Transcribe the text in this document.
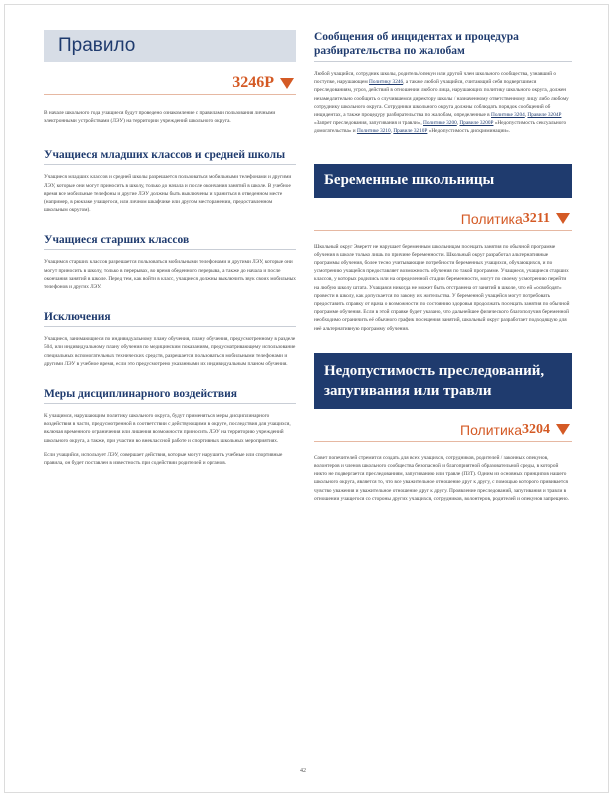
Правило
3246Р

В начале школьного года учащиеся будут проведено ознакомление с правилами пользования личными электронными устройствами (ЛЭУ) на территории учреждений школьного округа.

Учащиеся младших классов и средней школы

Учащиеся младших классов и средней школы разрешается пользоваться мобильными телефонами и другими ЛЭУ, которые они могут приносить в школу, только до начала и после окончания занятий в школе. В учебное время все мобильные телефоны и другие ЛЭУ должны быть выключены и храниться в отведенном месте (например, в рюкзаке учащегося, или личном шкафчике или другом месторанении, предоставленном школьным округом).

Учащиеся старших классов

Учащимся старших классов разрешается пользоваться мобильными телефонами и другими ЛЭУ, которые они могут приносить в школу, только в перерывах, во время обеденного перерыва, а также до начала и после окончания занятий в школе. Перед тем, как войти в класс, учащиеся должны выключить звук своих мобильных телефонов и других ЛЭУ.

Исключения

Учащиеся, занимающиеся по индивидуальному плану обучения, плану обучения, предусмотренному в разделе 504, или индивидуальному плану обучения по медицинским показаниям, предусматривающему использование специальных вспомогательных технических средств, разрешается пользоваться мобильными телефонами и другими ЛЭУ в учебное время, если это предусмотрено указанными их индивидуальным планом обучения.

Меры дисциплинарного воздействия

К учащимся, нарушающим политику школьного округа, будут применяться меры дисциплинарного воздействия в части, предусмотренной в соответствии с действующими в округе, последствия для учащихся, включая временного ограничения или лишения возможности приносить ЛЭУ на территорию учреждений школьного округа, а также, при участии во внеклассной работе и спортивных школьных мероприятиях.

Если учащийся, использует ЛЭУ, совершает действия, которые могут нарушить учебные или спортивные правила, он будет поставлен в известность при содействии родителей и органов.

Сообщения об инцидентах и процедура разбирательства по жалобам

Любой учащийся, сотрудник школы, родитель/опекун или другой член школьного сообщества, узнавший о поступке, нарушающем Политику 3246, а также любой учащийся, считающий себя подвергшимся преследованиям, угроз, действий в отношении любого лица, нарушающих политику школьного округа, должен незамедлительно сообщить о случившемся директору школы / назначенному ответственному лицу либо любому сотруднику школьного округа. Сотрудники школьного округа должны соблюдать порядок сообщений об инцидентах, а также процедуру разбирательства по жалобам, определенные в Политике 3204, Правиле 3204Р «Запрет преследования, запугивания и травли», Политике 3200, Правиле 3200Р «Недопустимость сексуального домогательства» и Политике 3210, Правиле 3210Р «Недопустимость дискриминации».

Беременные школьницы
Политика 3211

Школьный округ Эверетт не нарушает беременным школьницам посещать занятия по обычной программе обучения в школе только лишь по причине беременности. Школьный округ разработал альтернативные программы обучения, более тесно учитывающие потребности беременных учащихся, обучающихся, и по усмотрению учащейся предоставляет возможность обучения по такой программе. Учащиеся, учащиеся старших классов, у которых родились или на определенной стадии беременности, могут по своему усмотрению перейти на любую школу штата. Учащаяся никогда не может быть отстранена от занятий в школе, что ей «освободят» провести в школу, как допускается по закону их жительства. У беременной учащейся могут потребовать предоставить справку от врача о возможности по состоянию здоровья продолжать посещать занятия по обычной программе обучения. Если в этой справке будет указано, что дальнейшее физического благополучия беременной необходимо ограничить её обычного график посещения занятий, школьный округ разработает подходящую для неё альтернативную программу обучения.

Недопустимость преследований, запугивания или травли
Политика 3204

Совет попечителей стремится создать для всех учащихся, сотрудников, родителей / законных опекунов, волонтеров и членов школьного сообщества безопасной и благоприятной образовательной среды, в которой никто не подвергается преследованиям, запугиванию или травле (ПЗТ). Одним из основных принципов нашего школьного округа, является то, что все уважительное отношение друг к другу, с помощью которого прививается чувство уважения и уважительное отношение друг к другу. Проявление преследований, запугивания и травли в отношении учащегося со стороны других учащихся, сотрудников, волонтеров, родителей и опекунов запрещено.

42
